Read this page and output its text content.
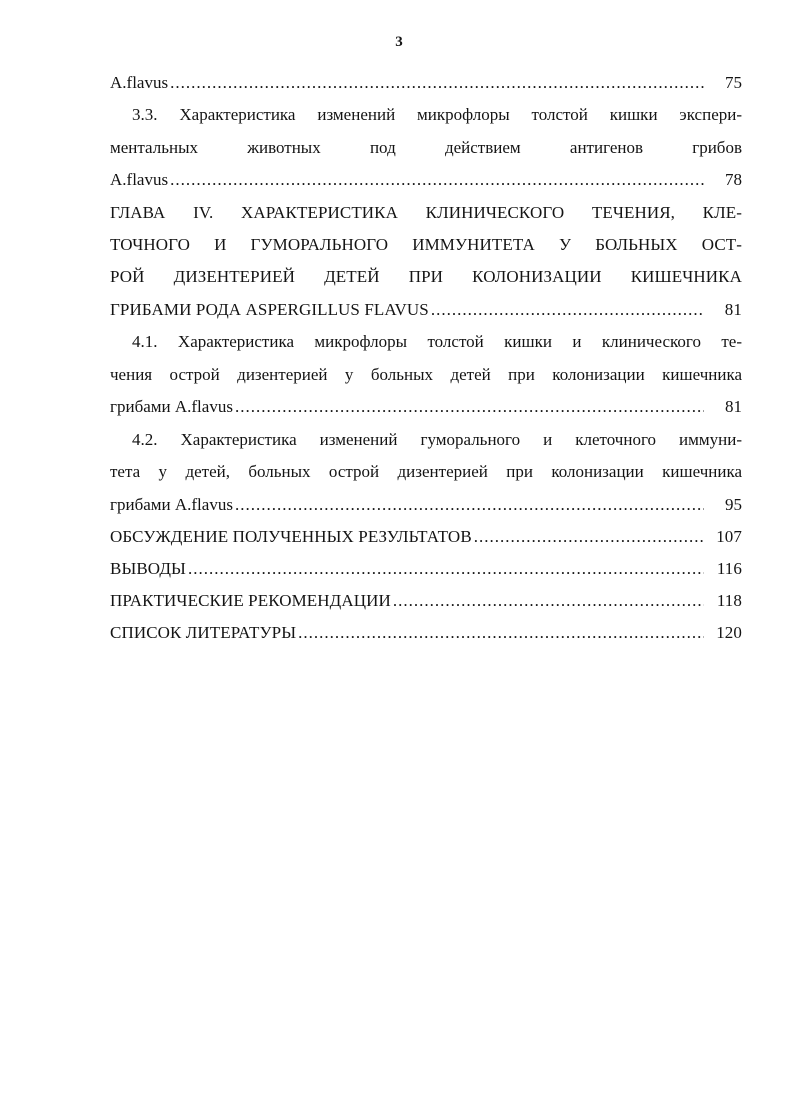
3
A.flavus .....	75
3.3. Характеристика изменений микрофлоры толстой кишки экспери-
ментальных животных под действием антигенов грибов
A.flavus .....	78
ГЛАВА IV. ХАРАКТЕРИСТИКА КЛИНИЧЕСКОГО ТЕЧЕНИЯ, КЛЕ-
ТОЧНОГО И ГУМОРАЛЬНОГО ИММУНИТЕТА У БОЛЬНЫХ ОСТ-
РОЙ ДИЗЕНТЕРИЕЙ ДЕТЕЙ ПРИ КОЛОНИЗАЦИИ КИШЕЧНИКА
ГРИБАМИ РОДА ASPERGILLUS FLAVUS .....	81
4.1. Характеристика микрофлоры толстой кишки и клинического те-
чения острой дизентерией у больных детей при колонизации кишечника
грибами A.flavus .....	81
4.2. Характеристика изменений гуморального и клеточного иммуни-
тета у детей, больных острой дизентерией при колонизации кишечника
грибами A.flavus .....	95
ОБСУЖДЕНИЕ ПОЛУЧЕННЫХ РЕЗУЛЬТАТОВ .....	107
ВЫВОДЫ .....	116
ПРАКТИЧЕСКИЕ РЕКОМЕНДАЦИИ .....	118
СПИСОК ЛИТЕРАТУРЫ .....	120
